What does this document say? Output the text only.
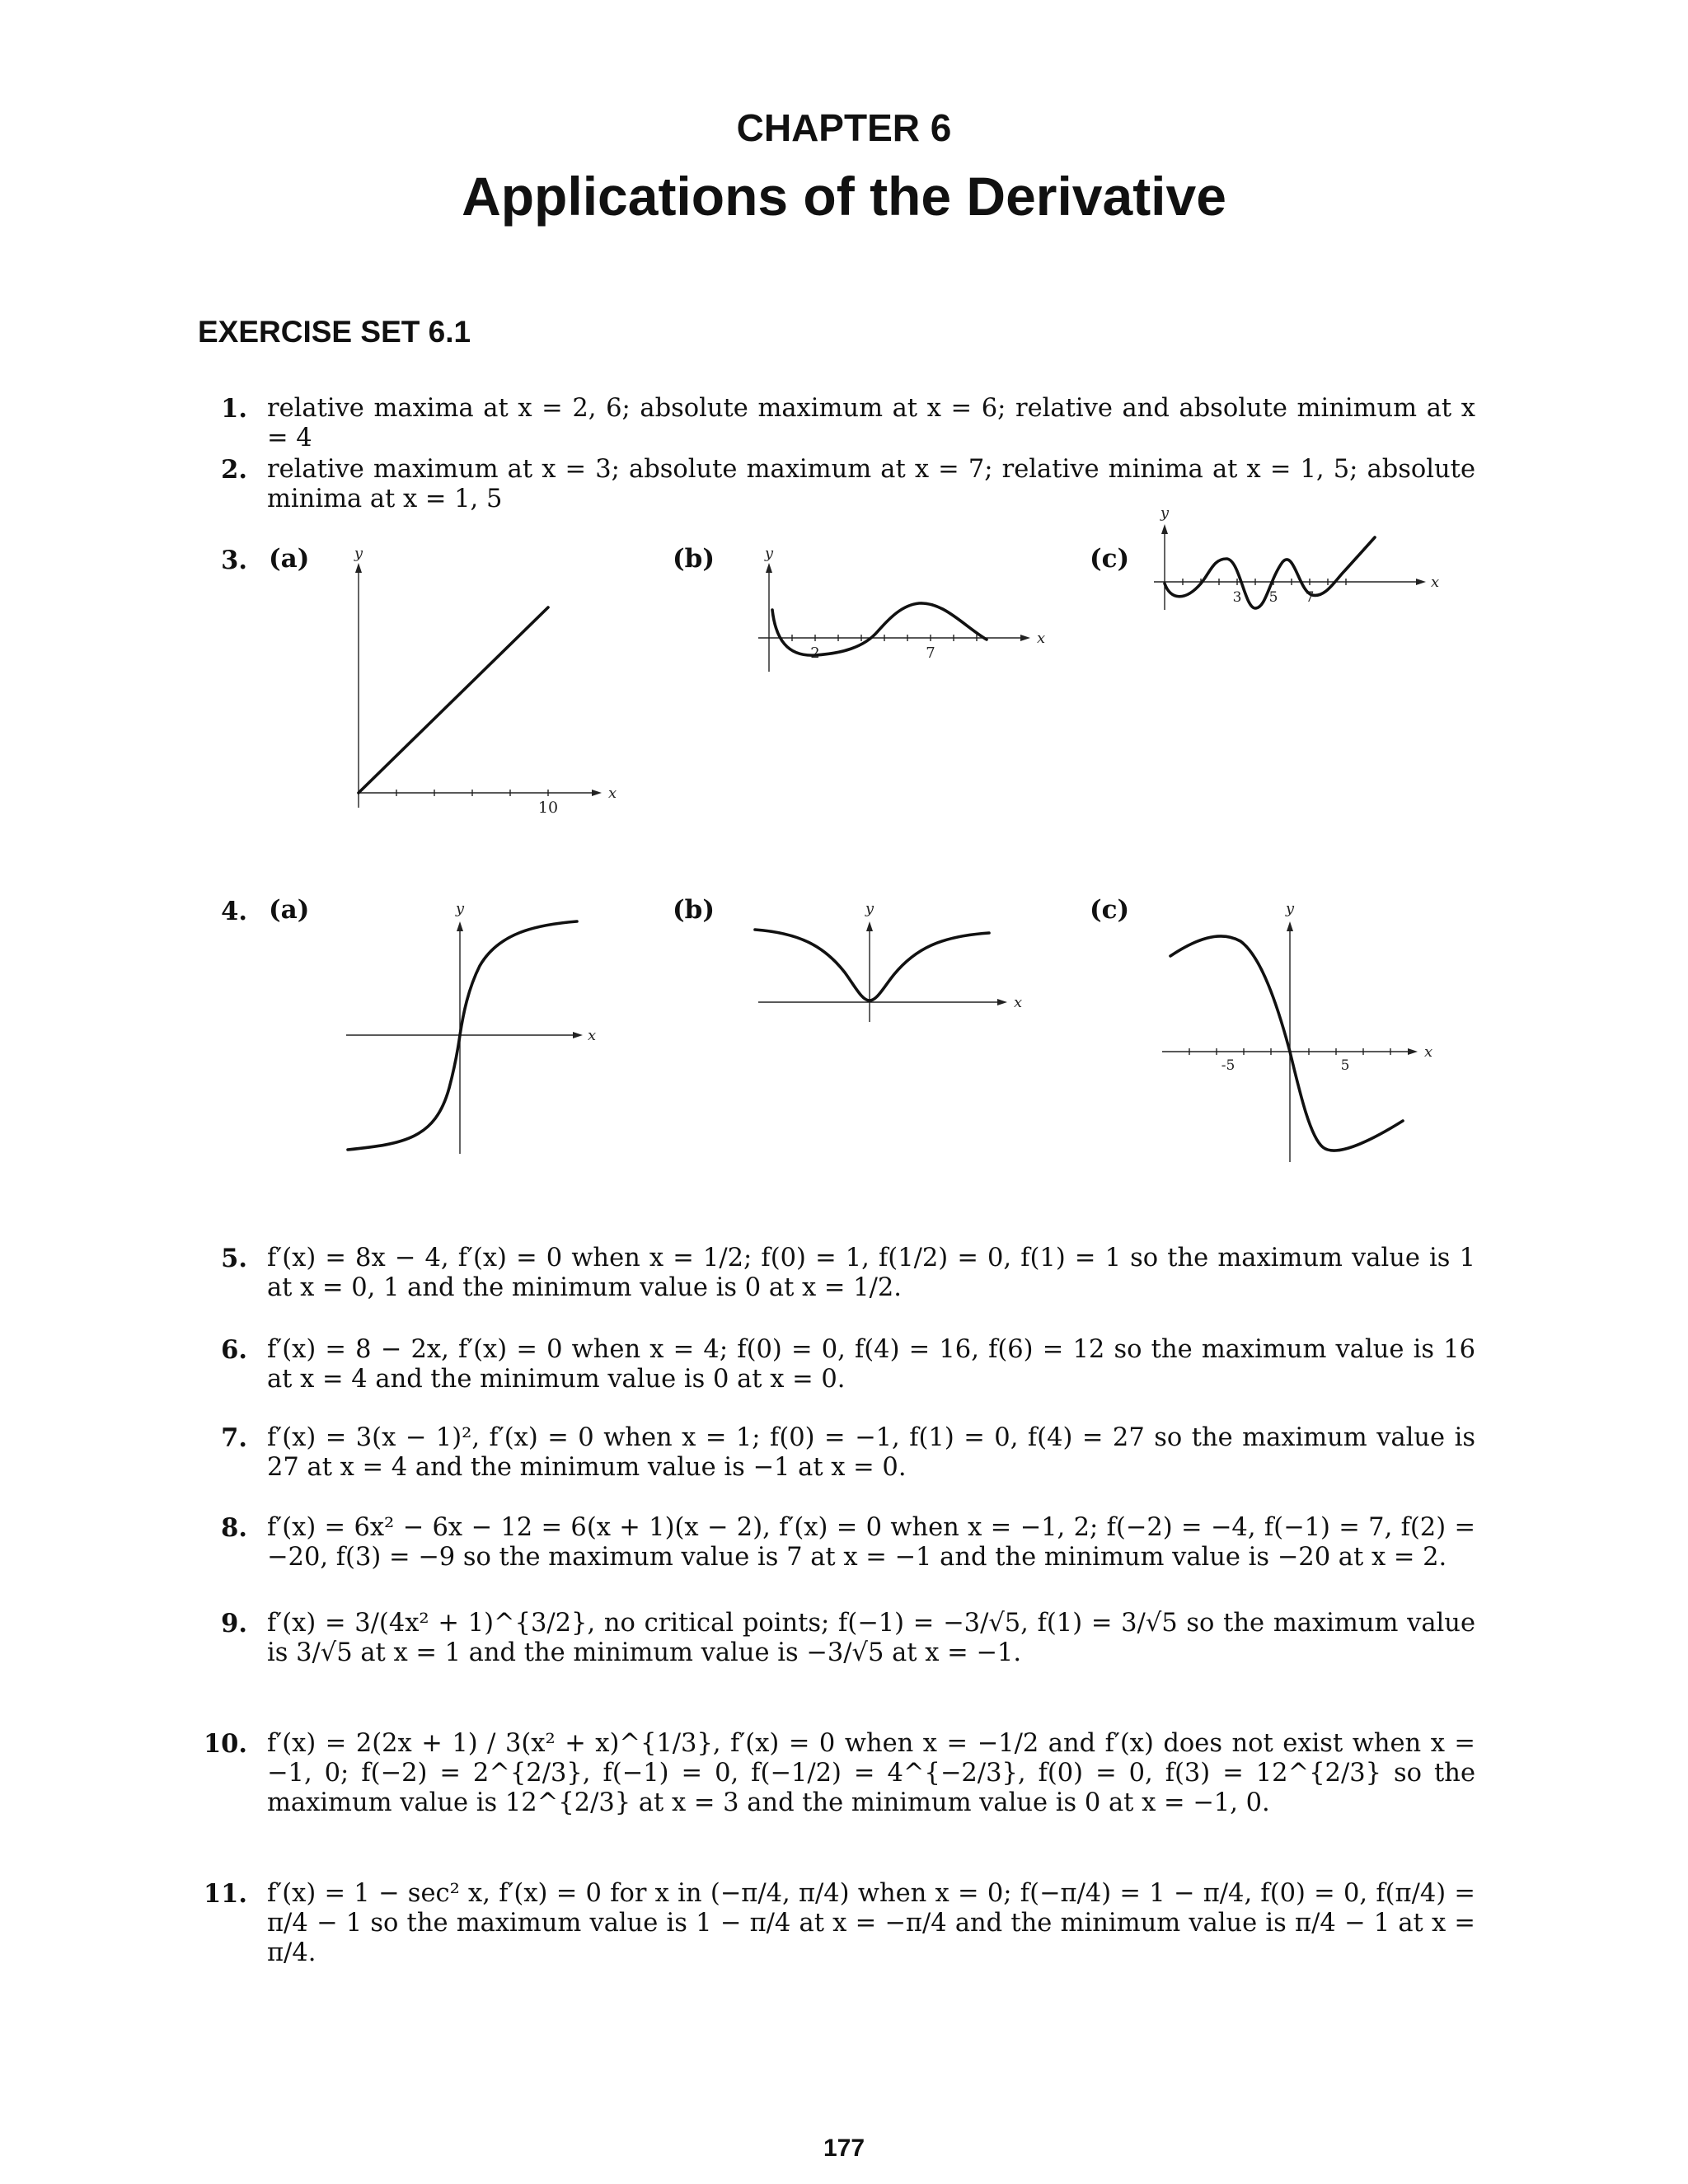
CHAPTER 6
Applications of the Derivative
EXERCISE SET 6.1
1. relative maxima at x = 2, 6; absolute maximum at x = 6; relative and absolute minimum at x = 4
2. relative maximum at x = 3; absolute maximum at x = 7; relative minima at x = 1, 5; absolute minima at x = 1, 5
3. (a)	(b)	(c)
y
x
10
y
x
2	7
y
x
3 5 7
4. (a)	(b)	(c)
y
x
y
x
y
x
-5	5
5. f′(x) = 8x − 4, f′(x) = 0 when x = 1/2; f(0) = 1, f(1/2) = 0, f(1) = 1 so the maximum value is 1 at x = 0, 1 and the minimum value is 0 at x = 1/2.
6. f′(x) = 8 − 2x, f′(x) = 0 when x = 4; f(0) = 0, f(4) = 16, f(6) = 12 so the maximum value is 16 at x = 4 and the minimum value is 0 at x = 0.
7. f′(x) = 3(x − 1)², f′(x) = 0 when x = 1; f(0) = −1, f(1) = 0, f(4) = 27 so the maximum value is 27 at x = 4 and the minimum value is −1 at x = 0.
8. f′(x) = 6x² − 6x − 12 = 6(x + 1)(x − 2), f′(x) = 0 when x = −1, 2; f(−2) = −4, f(−1) = 7, f(2) = −20, f(3) = −9 so the maximum value is 7 at x = −1 and the minimum value is −20 at x = 2.
9. f′(x) = 3/(4x² + 1)^{3/2}, no critical points; f(−1) = −3/√5, f(1) = 3/√5 so the maximum value is 3/√5 at x = 1 and the minimum value is −3/√5 at x = −1.
10. f′(x) = 2(2x + 1) / 3(x² + x)^{1/3}, f′(x) = 0 when x = −1/2 and f′(x) does not exist when x = −1, 0; f(−2) = 2^{2/3}, f(−1) = 0, f(−1/2) = 4^{−2/3}, f(0) = 0, f(3) = 12^{2/3} so the maximum value is 12^{2/3} at x = 3 and the minimum value is 0 at x = −1, 0.
11. f′(x) = 1 − sec² x, f′(x) = 0 for x in (−π/4, π/4) when x = 0; f(−π/4) = 1 − π/4, f(0) = 0, f(π/4) = π/4 − 1 so the maximum value is 1 − π/4 at x = −π/4 and the minimum value is π/4 − 1 at x = π/4.
177
